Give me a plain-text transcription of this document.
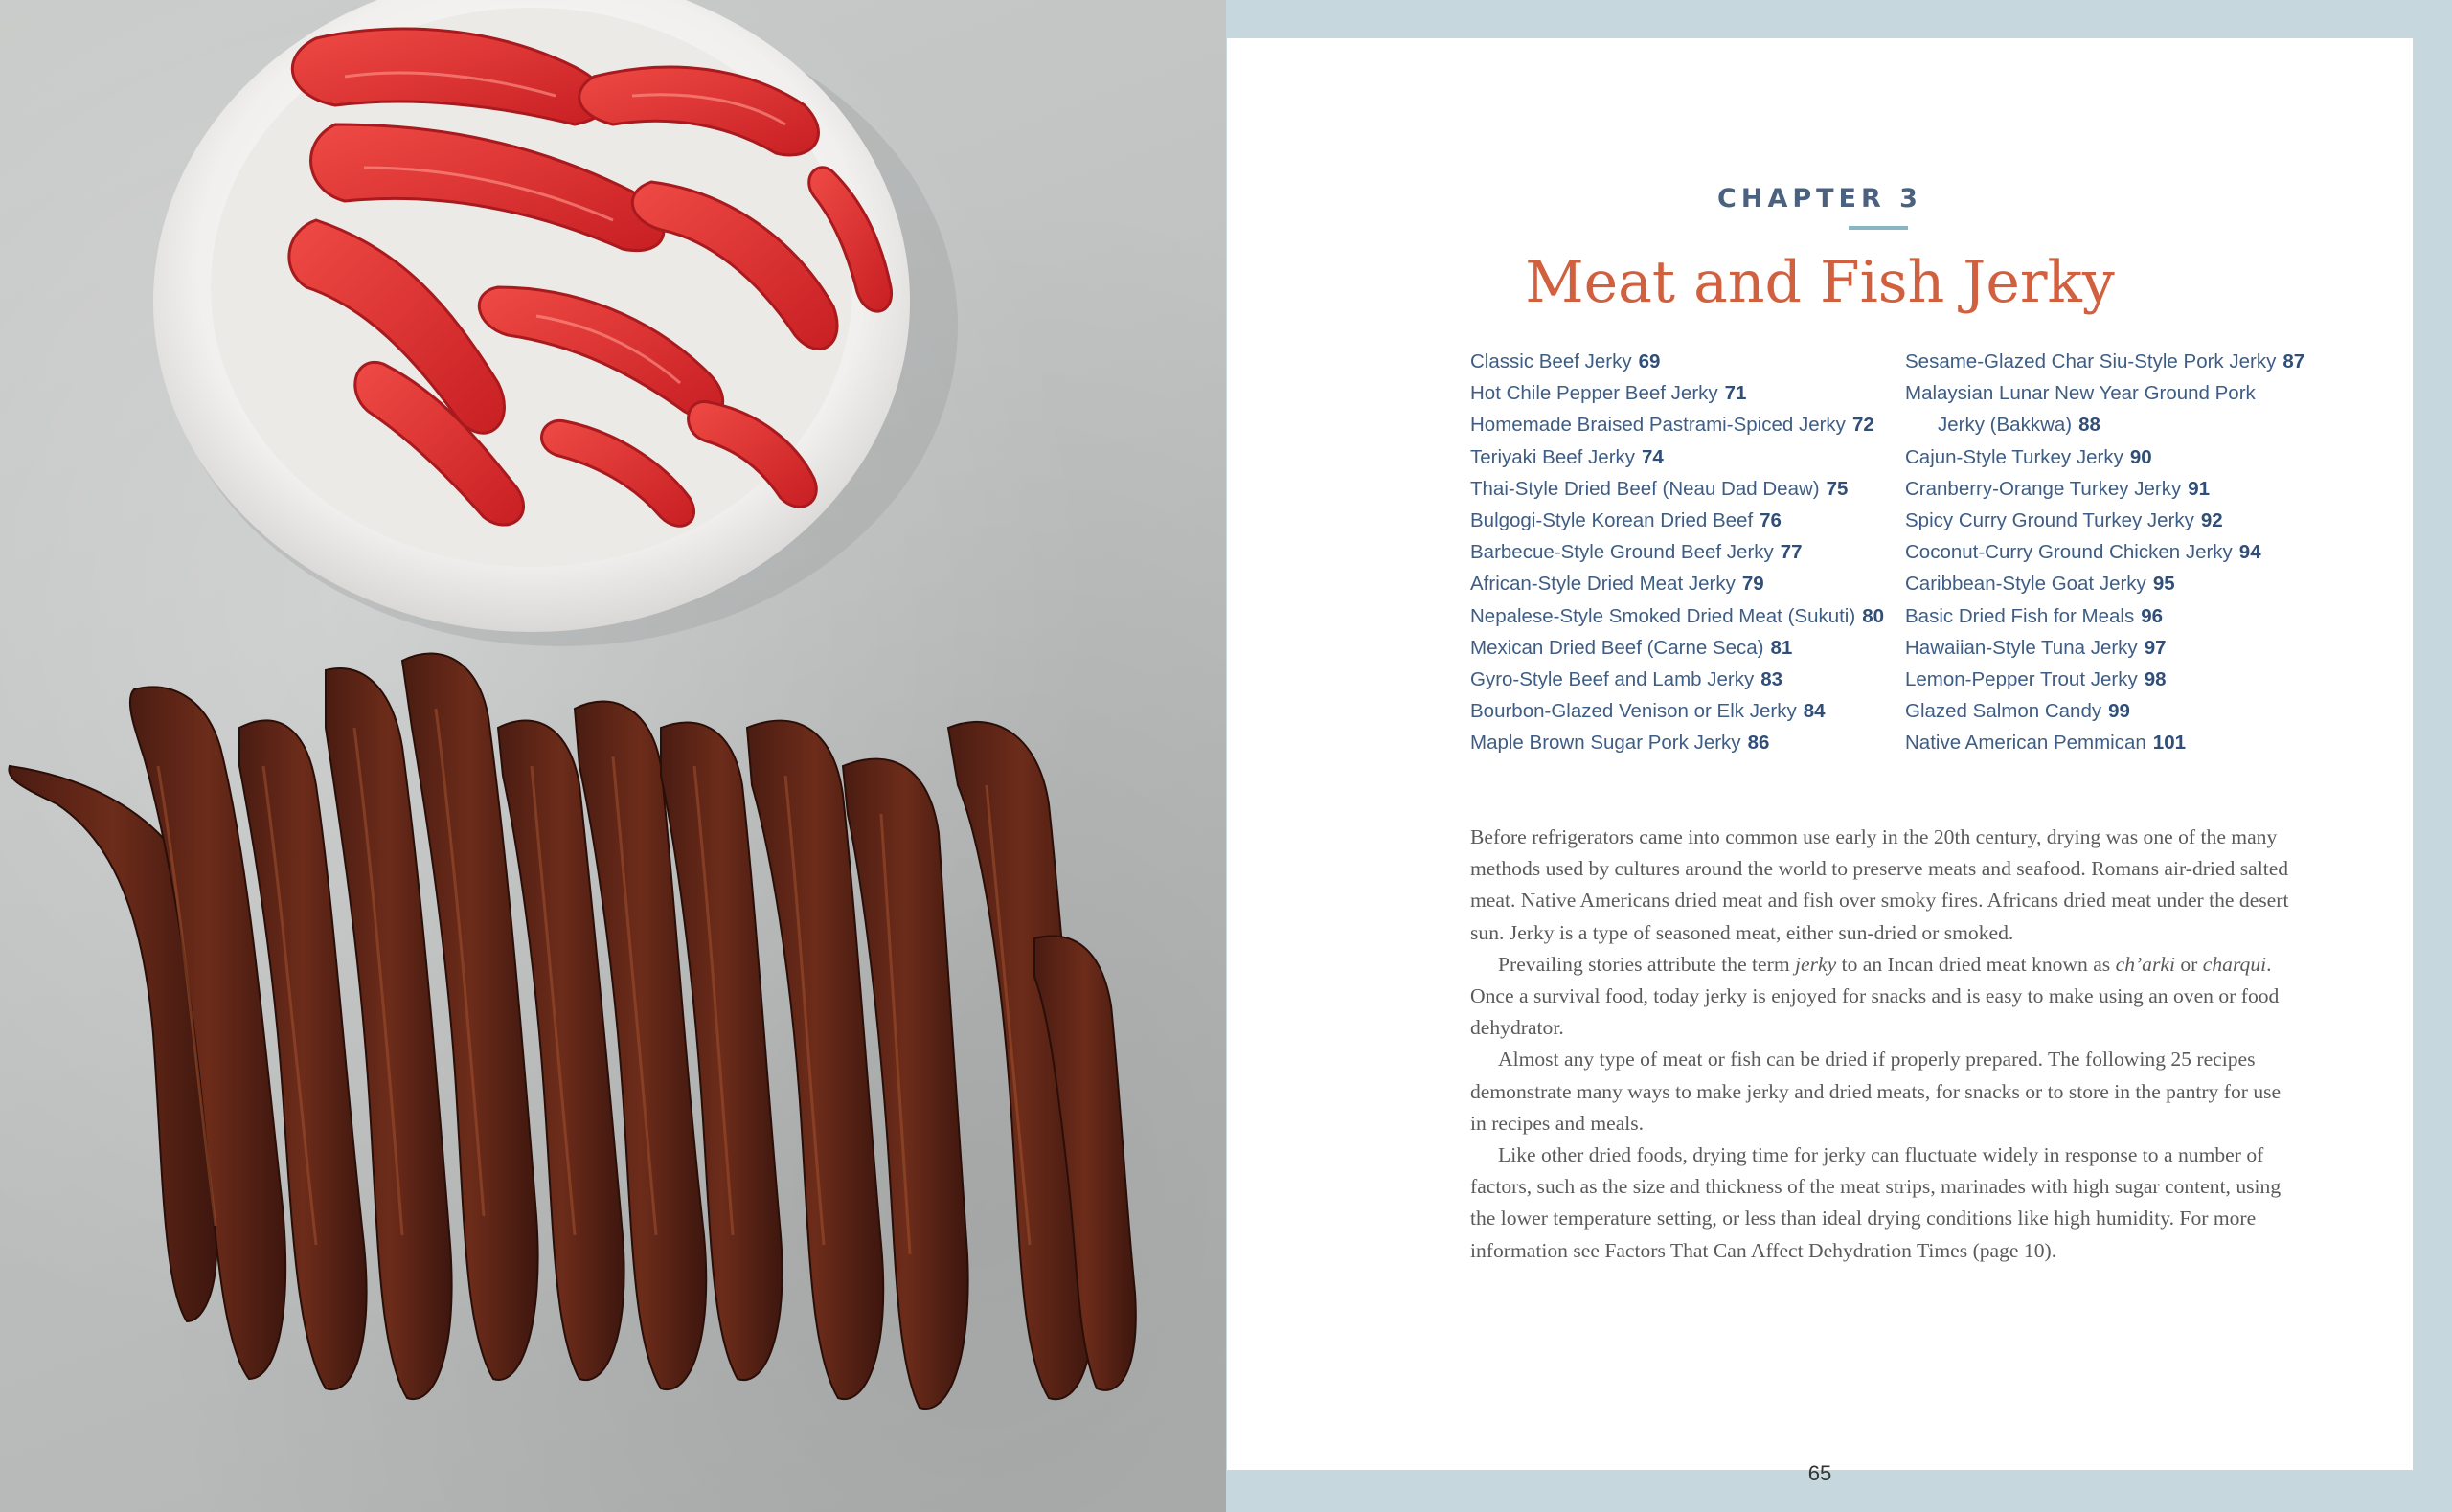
CHAPTER 3
Meat and Fish Jerky
Classic Beef Jerky 69
Hot Chile Pepper Beef Jerky 71
Homemade Braised Pastrami-Spiced Jerky 72
Teriyaki Beef Jerky 74
Thai-Style Dried Beef (Neau Dad Deaw) 75
Bulgogi-Style Korean Dried Beef 76
Barbecue-Style Ground Beef Jerky 77
African-Style Dried Meat Jerky 79
Nepalese-Style Smoked Dried Meat (Sukuti) 80
Mexican Dried Beef (Carne Seca) 81
Gyro-Style Beef and Lamb Jerky 83
Bourbon-Glazed Venison or Elk Jerky 84
Maple Brown Sugar Pork Jerky 86
Sesame-Glazed Char Siu-Style Pork Jerky 87
Malaysian Lunar New Year Ground Pork
Jerky (Bakkwa) 88
Cajun-Style Turkey Jerky 90
Cranberry-Orange Turkey Jerky 91
Spicy Curry Ground Turkey Jerky 92
Coconut-Curry Ground Chicken Jerky 94
Caribbean-Style Goat Jerky 95
Basic Dried Fish for Meals 96
Hawaiian-Style Tuna Jerky 97
Lemon-Pepper Trout Jerky 98
Glazed Salmon Candy 99
Native American Pemmican 101

Before refrigerators came into common use early in the 20th century, drying was one of the many methods used by cultures around the world to preserve meats and seafood. Romans air-dried salted meat. Native Americans dried meat and fish over smoky fires. Africans dried meat under the desert sun. Jerky is a type of seasoned meat, either sun-dried or smoked.

Prevailing stories attribute the term jerky to an Incan dried meat known as ch’arki or charqui. Once a survival food, today jerky is enjoyed for snacks and is easy to make using an oven or food dehydrator.

Almost any type of meat or fish can be dried if properly prepared. The following 25 recipes demonstrate many ways to make jerky and dried meats, for snacks or to store in the pantry for use in recipes and meals.

Like other dried foods, drying time for jerky can fluctuate widely in response to a number of factors, such as the size and thickness of the meat strips, marinades with high sugar content, using the lower temperature setting, or less than ideal drying conditions like high humidity. For more information see Factors That Can Affect Dehydration Times (page 10).

65
